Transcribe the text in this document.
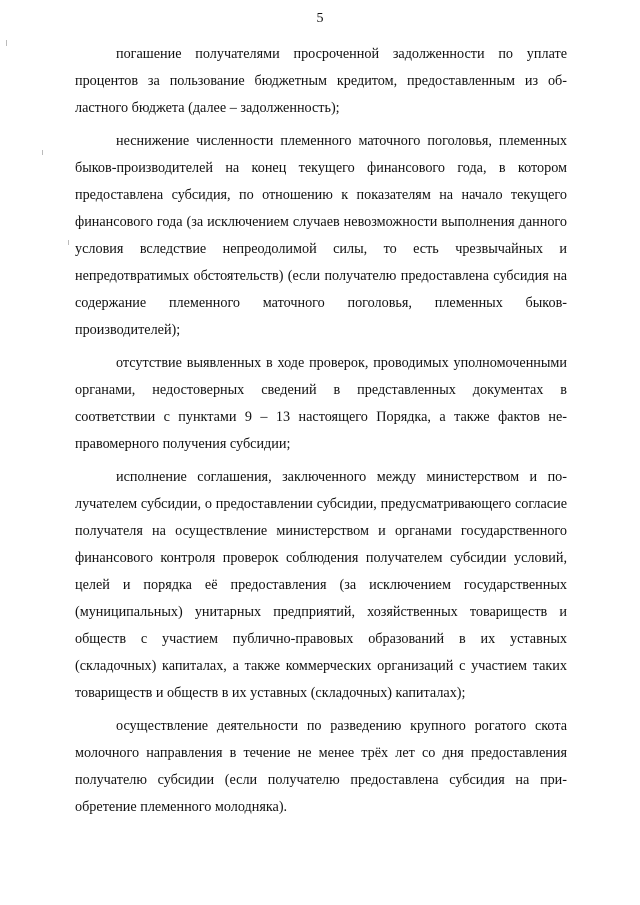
5

погашение получателями просроченной задолженности по уплате процентов за пользование бюджетным кредитом, предоставленным из областного бюджета (далее – задолженность);

неснижение численности племенного маточного поголовья, племенных быков-производителей на конец текущего финансового года, в котором предоставлена субсидия, по отношению к показателям на начало текущего финансового года (за исключением случаев невозможности выполнения данного условия вследствие непреодолимой силы, то есть чрезвычайных и непредотвратимых обстоятельств) (если получателю предоставлена субсидия на содержание племенного маточного поголовья, племенных быков-производителей);

отсутствие выявленных в ходе проверок, проводимых уполномоченными органами, недостоверных сведений в представленных документах в соответствии с пунктами 9 – 13 настоящего Порядка, а также фактов неправомерного получения субсидии;

исполнение соглашения, заключенного между министерством и получателем субсидии, о предоставлении субсидии, предусматривающего согласие получателя на осуществление министерством и органами государственного финансового контроля проверок соблюдения получателем субсидии условий, целей и порядка её предоставления (за исключением государственных (муниципальных) унитарных предприятий, хозяйственных товариществ и обществ с участием публично-правовых образований в их уставных (складочных) капиталах, а также коммерческих организаций с участием таких товариществ и обществ в их уставных (складочных) капиталах);

осуществление деятельности по разведению крупного рогатого скота молочного направления в течение не менее трёх лет со дня предоставления получателю субсидии (если получателю предоставлена субсидия на приобретение племенного молодняка).
